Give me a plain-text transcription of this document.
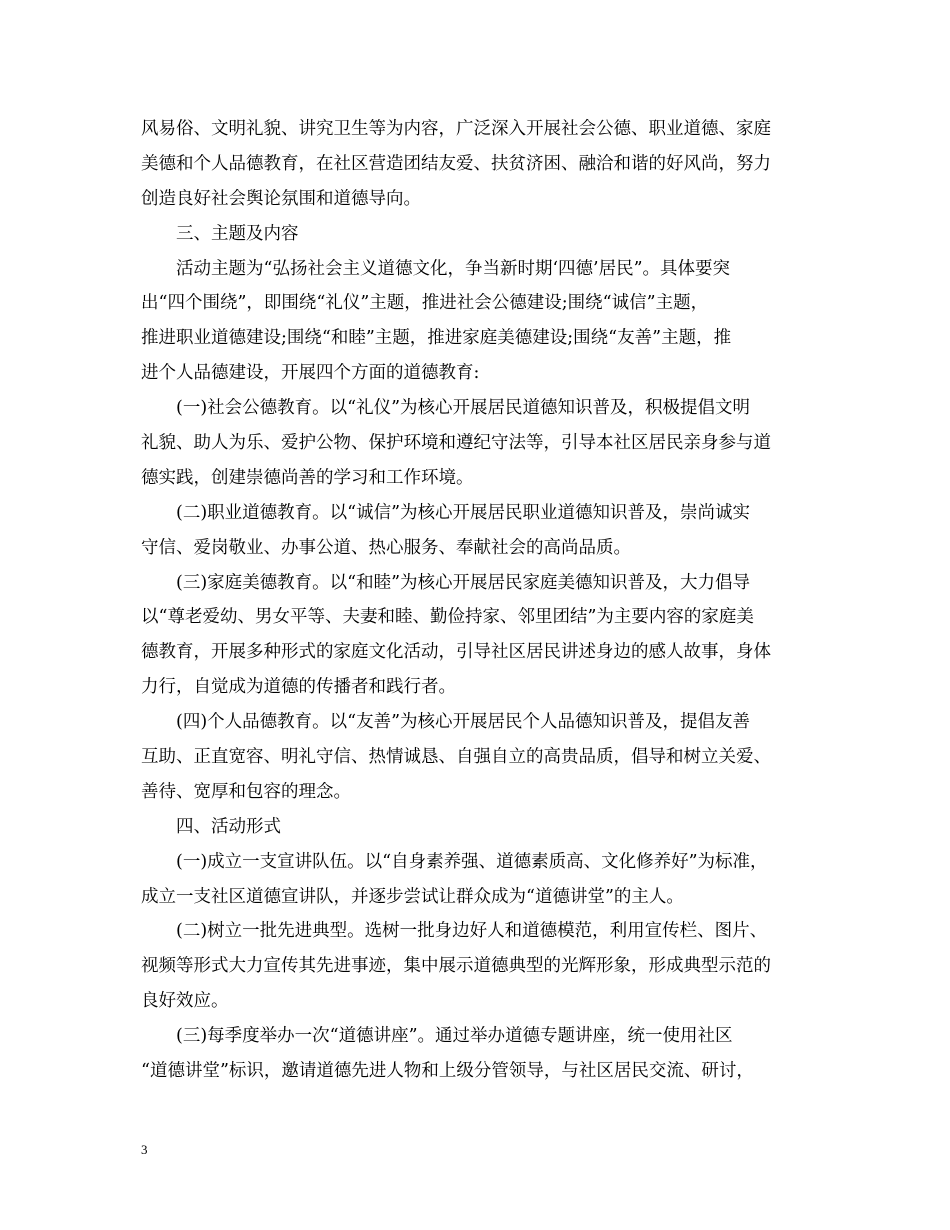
风易俗、文明礼貌、讲究卫生等为内容，广泛深入开展社会公德、职业道德、家庭
美德和个人品德教育，在社区营造团结友爱、扶贫济困、融洽和谐的好风尚，努力
创造良好社会舆论氛围和道德导向。
三、主题及内容
活动主题为“弘扬社会主义道德文化，争当新时期‘四德’居民”。具体要突
出“四个围绕”，即围绕“礼仪”主题，推进社会公德建设;围绕“诚信”主题，
推进职业道德建设;围绕“和睦”主题，推进家庭美德建设;围绕“友善”主题，推
进个人品德建设，开展四个方面的道德教育:
(一)社会公德教育。以“礼仪”为核心开展居民道德知识普及，积极提倡文明
礼貌、助人为乐、爱护公物、保护环境和遵纪守法等，引导本社区居民亲身参与道
德实践，创建崇德尚善的学习和工作环境。
(二)职业道德教育。以“诚信”为核心开展居民职业道德知识普及，崇尚诚实
守信、爱岗敬业、办事公道、热心服务、奉献社会的高尚品质。
(三)家庭美德教育。以“和睦”为核心开展居民家庭美德知识普及，大力倡导
以“尊老爱幼、男女平等、夫妻和睦、勤俭持家、邻里团结”为主要内容的家庭美
德教育，开展多种形式的家庭文化活动，引导社区居民讲述身边的感人故事，身体
力行，自觉成为道德的传播者和践行者。
(四)个人品德教育。以“友善”为核心开展居民个人品德知识普及，提倡友善
互助、正直宽容、明礼守信、热情诚恳、自强自立的高贵品质，倡导和树立关爱、
善待、宽厚和包容的理念。
四、活动形式
(一)成立一支宣讲队伍。以“自身素养强、道德素质高、文化修养好”为标准，
成立一支社区道德宣讲队，并逐步尝试让群众成为“道德讲堂”的主人。
(二)树立一批先进典型。选树一批身边好人和道德模范，利用宣传栏、图片、
视频等形式大力宣传其先进事迹，集中展示道德典型的光辉形象，形成典型示范的
良好效应。
(三)每季度举办一次“道德讲座”。通过举办道德专题讲座，统一使用社区
“道德讲堂”标识，邀请道德先进人物和上级分管领导，与社区居民交流、研讨，
3
